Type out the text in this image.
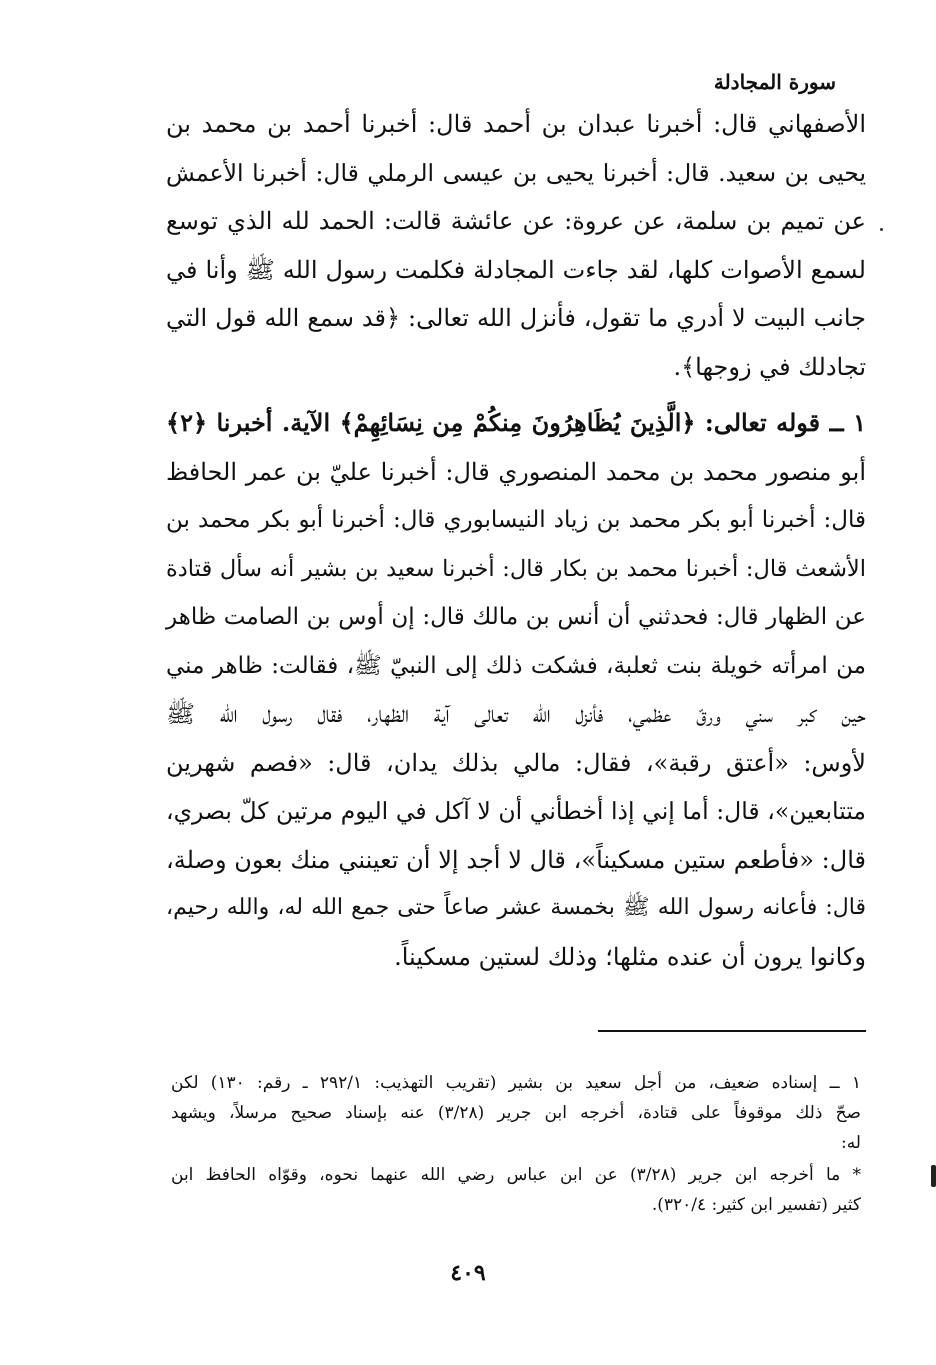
سورة المجادلة
الأصفهاني قال: أخبرنا عبدان بن أحمد قال: أخبرنا أحمد بن محمد بن
يحيى بن سعيد. قال: أخبرنا يحيى بن عيسى الرملي قال: أخبرنا الأعمش
عن تميم بن سلمة، عن عروة: عن عائشة قالت: الحمد لله الذي توسع
لسمع الأصوات كلها، لقد جاءت المجادلة فكلمت رسول الله ﷺ وأنا في
جانب البيت لا أدري ما تقول، فأنزل الله تعالى: ﴿قد سمع الله قول التي
تجادلك في زوجها﴾.
١ ــ قوله تعالى: ﴿الَّذِينَ يُظَاهِرُونَ مِنكُمْ مِن نِسَائِهِمْ﴾ الآية. أخبرنا ﴿٢﴾
أبو منصور محمد بن محمد المنصوري قال: أخبرنا عليّ بن عمر الحافظ
قال: أخبرنا أبو بكر محمد بن زياد النيسابوري قال: أخبرنا أبو بكر محمد بن
الأشعث قال: أخبرنا محمد بن بكار قال: أخبرنا سعيد بن بشير أنه سأل قتادة
عن الظهار قال: فحدثني أن أنس بن مالك قال: إن أوس بن الصامت ظاهر
من امرأته خويلة بنت ثعلبة، فشكت ذلك إلى النبيّ ﷺ، فقالت: ظاهر مني
حين كبر سني ورقّ عظمي، فأنزل الله تعالى آية الظهار، فقال رسول الله ﷺ
لأوس: «أعتق رقبة»، فقال: مالي بذلك يدان، قال: «فصم شهرين
متتابعين»، قال: أما إني إذا أخطأني أن لا آكل في اليوم مرتين كلّ بصري،
قال: «فأطعم ستين مسكيناً»، قال لا أجد إلا أن تعينني منك بعون وصلة،
قال: فأعانه رسول الله ﷺ بخمسة عشر صاعاً حتى جمع الله له، والله رحيم،
وكانوا يرون أن عنده مثلها؛ وذلك لستين مسكيناً.
١ ــ إسناده ضعيف، من أجل سعيد بن بشير (تقريب التهذيب: ٢٩٢/١ ـ رقم: ١٣٠) لكن
صحّ ذلك موقوفاً على قتادة، أخرجه ابن جرير (٣/٢٨) عنه بإسناد صحيح مرسلاً، ويشهد
له:
* ما أخرجه ابن جرير (٣/٢٨) عن ابن عباس رضي الله عنهما نحوه، وقوّاه الحافظ ابن
كثير (تفسير ابن كثير: ٣٢٠/٤).
٤٠٩
